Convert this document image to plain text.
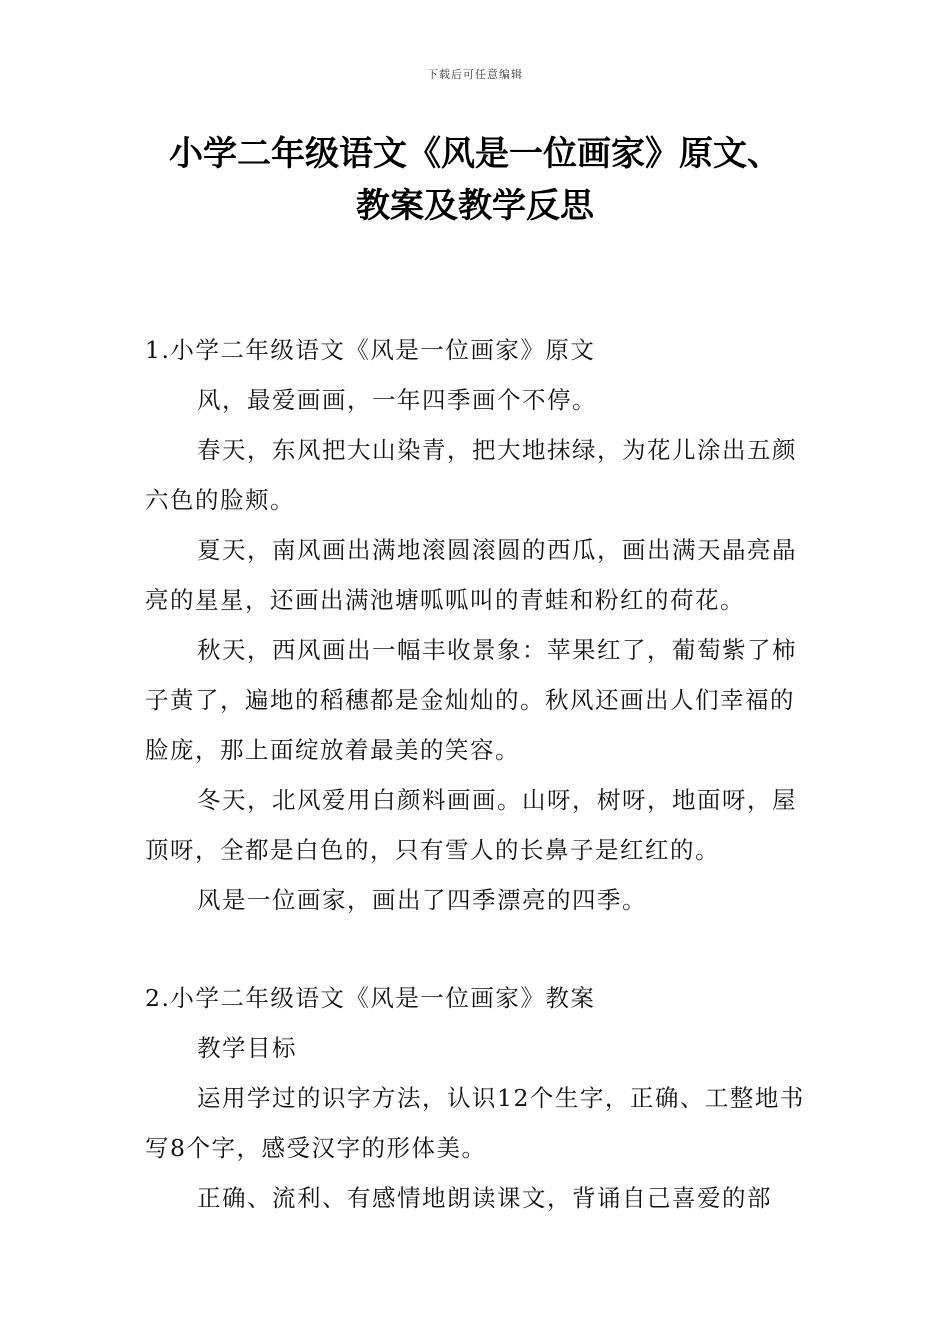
下载后可任意编辑
小学二年级语文《风是一位画家》原文、
教案及教学反思

1.小学二年级语文《风是一位画家》原文

风，最爱画画，一年四季画个不停。

春天，东风把大山染青，把大地抹绿，为花儿涂出五颜六色的脸颊。

夏天，南风画出满地滚圆滚圆的西瓜，画出满天晶亮晶亮的星星，还画出满池塘呱呱叫的青蛙和粉红的荷花。

秋天，西风画出一幅丰收景象：苹果红了，葡萄紫了柿子黄了，遍地的稻穗都是金灿灿的。秋风还画出人们幸福的脸庞，那上面绽放着最美的笑容。

冬天，北风爱用白颜料画画。山呀，树呀，地面呀，屋顶呀，全都是白色的，只有雪人的长鼻子是红红的。

风是一位画家，画出了四季漂亮的四季。

2.小学二年级语文《风是一位画家》教案

教学目标

运用学过的识字方法，认识12个生字，正确、工整地书写8个字，感受汉字的形体美。

正确、流利、有感情地朗读课文，背诵自己喜爱的部
